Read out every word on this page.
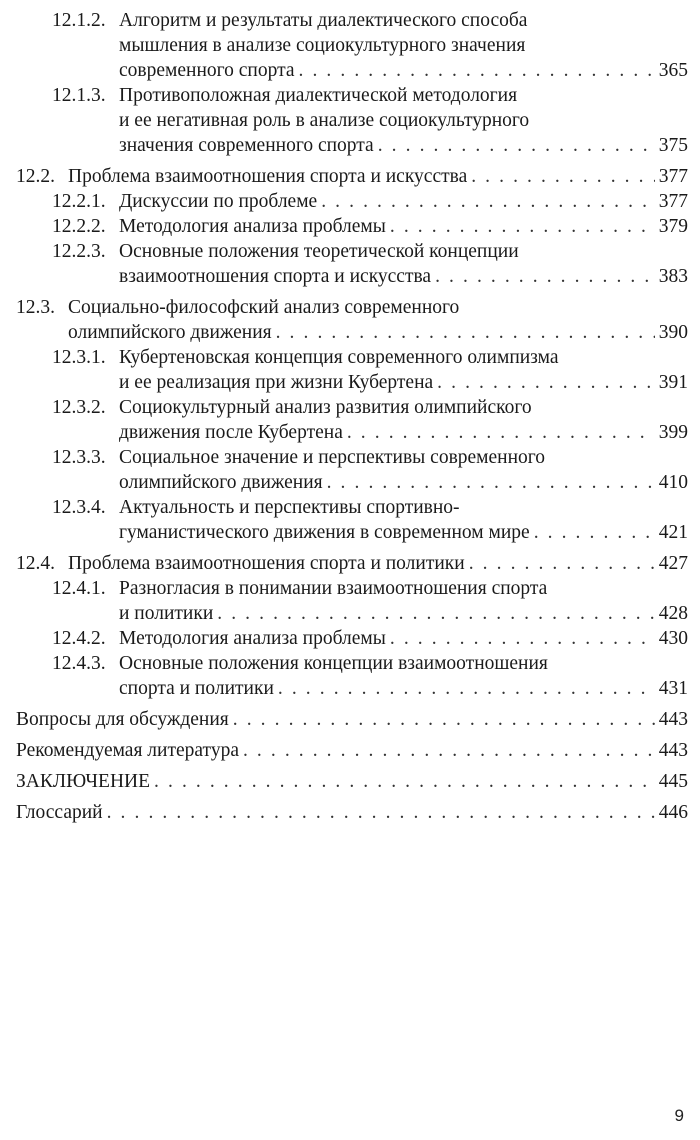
12.1.2. Алгоритм и результаты диалектического способа
мышления в анализе социокультурного значения
современного спорта . . .	365
12.1.3. Противоположная диалектической методология
и ее негативная роль в анализе социокультурного
значения современного спорта . . .	375
12.2. Проблема взаимоотношения спорта и искусства . . .	377
12.2.1. Дискуссии по проблеме . . .	377
12.2.2. Методология анализа проблемы . . .	379
12.2.3. Основные положения теоретической концепции
взаимоотношения спорта и искусства . . .	383
12.3. Социально-философский анализ современного
олимпийского движения . . .	390
12.3.1. Кубертеновская концепция современного олимпизма
и ее реализация при жизни Кубертена . . .	391
12.3.2. Социокультурный анализ развития олимпийского
движения после Кубертена . . .	399
12.3.3. Социальное значение и перспективы современного
олимпийского движения . . .	410
12.3.4. Актуальность и перспективы спортивно-
гуманистического движения в современном мире . . .	421
12.4. Проблема взаимоотношения спорта и политики . . .	427
12.4.1. Разногласия в понимании взаимоотношения спорта
и политики . . .	428
12.4.2. Методология анализа проблемы . . .	430
12.4.3. Основные положения концепции взаимоотношения
спорта и политики . . .	431
Вопросы для обсуждения . . .	443
Рекомендуемая литература . . .	443
ЗАКЛЮЧЕНИЕ . . .	445
Глоссарий . . .	446
9
